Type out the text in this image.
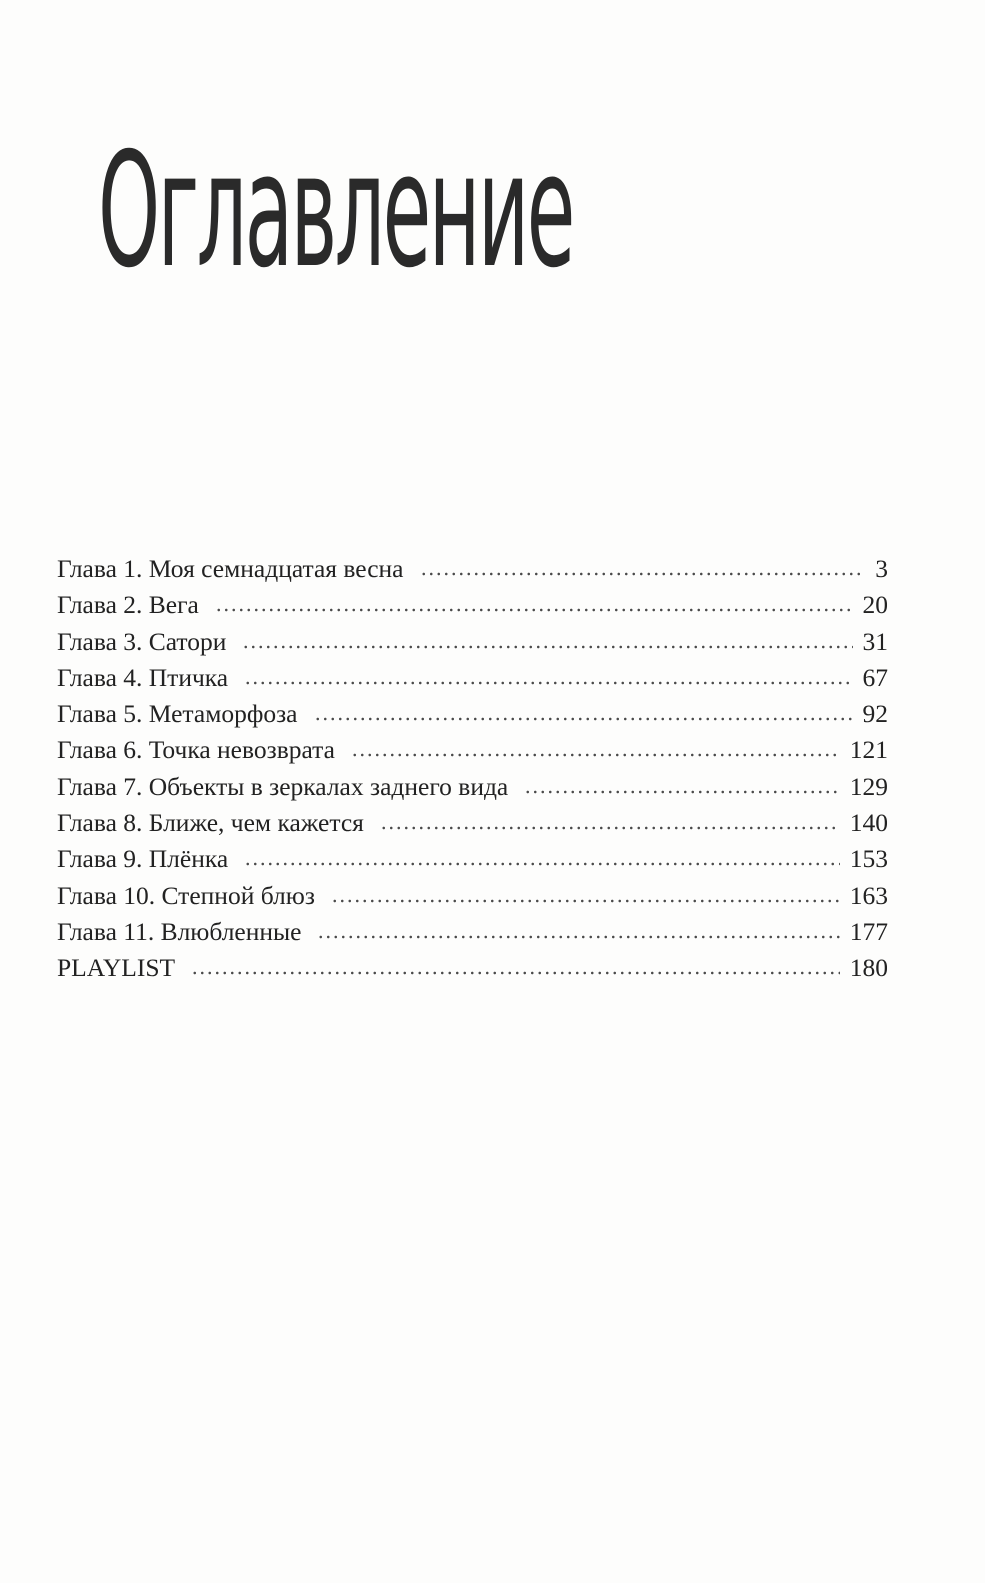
Оглавление
Глава 1. Моя семнадцатая весна	3
Глава 2. Вега	20
Глава 3. Сатори	31
Глава 4. Птичка	67
Глава 5. Метаморфоза	92
Глава 6. Точка невозврата	121
Глава 7. Объекты в зеркалах заднего вида	129
Глава 8. Ближе, чем кажется	140
Глава 9. Плёнка	153
Глава 10. Степной блюз	163
Глава 11. Влюбленные	177
PLAYLIST	180
